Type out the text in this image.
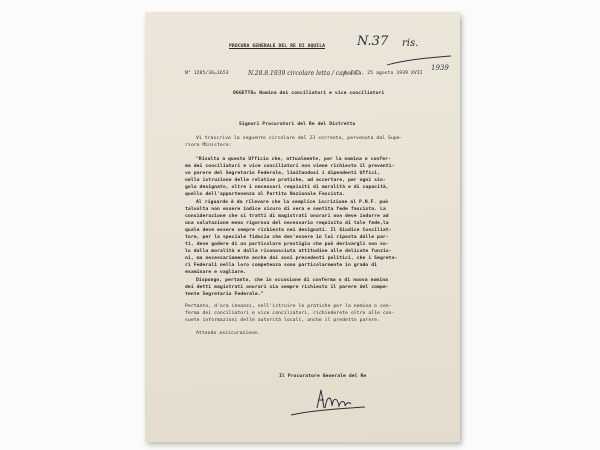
PROCURA GENERALE DEL RE DI AQUILA N.37 ris.
1939
N° 1285/36=1653	N.28.8.1939 circolare letta / cap. I.C.
Aquila, 25 agosto 1939 XVII
OGGETTO= Nomina dei conciliatori e vice conciliatori
Signori Procuratori del Re del Distretto
Vi trascrivo la seguente circolare del 23 corrente, pervenuta dal Supe-
riore Ministero:
"Risulta a questo Ufficio che, attualmente, per la nomina e confer-
ma dei conciliatori e vice conciliatori non viene richiesto il preventi-
vo parere del Segretario Federale, limitandosi i dipendenti Uffici,
nella istruzione delle relative pratiche, ad accertare, per ogni sin-
golo designato, oltre i necessari requisiti di moralità e di capacità,
quello dell'appartenenza al Partito Nazionale Fascista.
Al riguardo è da rilevare che la semplice iscrizione al P.N.F. può
talvolta non essere indice sicuro di vera e sentita fede fascista. La
considerazione che si tratti di magistrati onorari non deve indurre ad
una valutazione meno rigorosa del necessario requisito di tale fede,la
quale deve essere sempre richiesta nei designati. Il Giudice Conciliat-
tore, per la speciale fiducia che dev'essere in lui riposta dalle par-
ti, deve godere di un particolare prestigio che può derivargli non so-
lo dalla moralità e dalla riconosciuta attitudine alle delicate funzio-
ni, ma necessariamente anche dai suoi precedenti politici, che i Segreta-
ri Federali nella loro competenza sono particolarmente in grado di
esaminare e vagliare.
Dispongo, pertanto, che in occasione di conferma o di nuova nomina
dei detti magistrati onorari sia sempre richiesto il parere del compe-
tente Segretario Federale."
Pertanto, d'ora innanzi, nell'istruire le pratiche per la nomina o con-
ferma dei conciliatori e vice conciliatori, richiederete oltre alle con-
suete informazioni delle autorità locali, anche il predetto parere.
Attendo assicurazione.
Il Procuratore Generale del Re
